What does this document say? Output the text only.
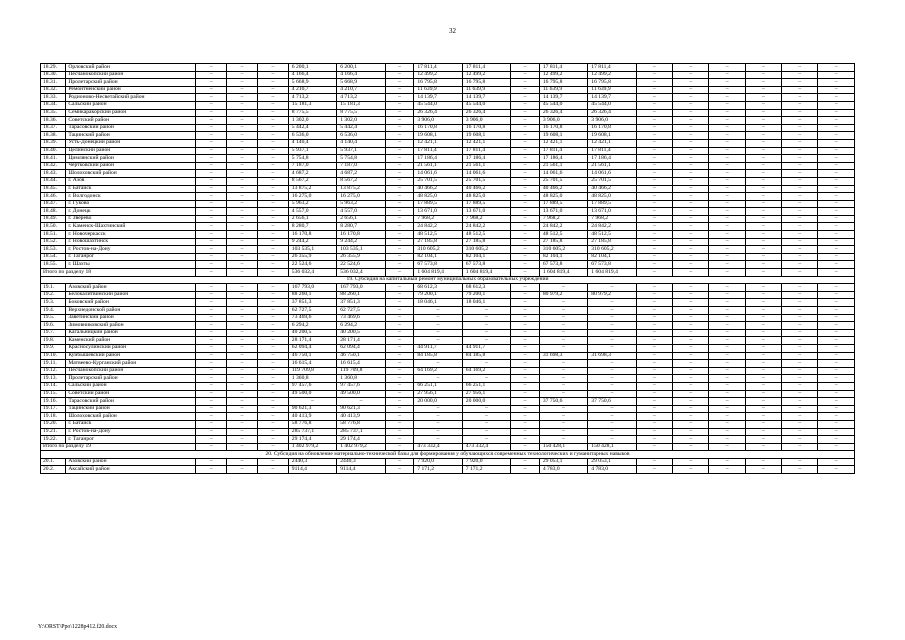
32
18.29.	Орловский район	–	–	–	6 200,1	6 200,1	–	17 811,4	17 811,4	–	17 811,4	17 811,4	–	–	–	–	–	–
18.30.	Песчанокопский район	–	–	–	4 166,4	4 166,4	–	12 499,2	12 499,2	–	12 499,2	12 499,2	–	–	–	–	–	–
18.31.	Пролетарский район	–	–	–	5 668,9	5 668,9	–	16 795,8	16 795,8	–	16 795,8	16 795,8	–	–	–	–	–	–
18.32.	Ремонтненский район	–	–	–	4 210,7	4 210,7	–	11 639,9	11 639,9	–	11 639,9	11 639,9	–	–	–	–	–	–
18.33.	Родионово-Несветайский район	–	–	–	4 713,2	4 713,2	–	14 139,7	14 139,7	–	14 139,7	14 139,7	–	–	–	–	–	–
18.34.	Сальский район	–	–	–	15 181,3	15 181,3	–	45 544,0	45 544,0	–	45 544,0	45 544,0	–	–	–	–	–	–
18.35.	Семикаракорский район	–	–	–	8 775,5	8 775,5	–	26 326,4	26 326,4	–	26 326,4	26 326,4	–	–	–	–	–	–
18.36.	Советский район	–	–	–	1 302,0	1 302,0	–	3 906,0	3 906,0	–	3 906,0	3 906,0	–	–	–	–	–	–
18.37.	Тарасовский район	–	–	–	5 442,4	5 442,4	–	16 170,8	16 170,8	–	16 170,8	16 170,8	–	–	–	–	–	–
18.38.	Тацинский район	–	–	–	6 536,0	6 536,0	–	19 608,1	19 608,1	–	19 608,1	19 608,1	–	–	–	–	–	–
18.39.	Усть-Донецкий район	–	–	–	4 140,4	4 140,4	–	12 421,1	12 421,1	–	12 421,1	12 421,1	–	–	–	–	–	–
18.40.	Целинский район	–	–	–	5 937,1	5 937,1	–	17 811,4	17 811,4	–	17 811,4	17 811,4	–	–	–	–	–	–
18.41.	Цимлянский район	–	–	–	5 754,8	5 754,8	–	17 186,4	17 186,4	–	17 186,4	17 186,4	–	–	–	–	–	–
18.42.	Чертковский район	–	–	–	7 187,0	7 187,0	–	21 561,1	21 561,1	–	21 561,1	21 561,1	–	–	–	–	–	–
18.43.	Шолоховский район	–	–	–	4 687,2	4 687,2	–	14 061,6	14 061,6	–	14 061,6	14 061,6	–	–	–	–	–	–
18.44.	г. Азов	–	–	–	8 567,2	8 567,2	–	25 701,5	25 701,5	–	25 701,5	25 701,5	–	–	–	–	–	–
18.45.	г. Батайск	–	–	–	13 875,2	13 875,2	–	40 466,2	40 466,2	–	40 466,2	40 466,2	–	–	–	–	–	–
18.46.	г. Волгодонск	–	–	–	16 275,0	16 275,0	–	48 825,0	48 825,0	–	48 825,0	48 825,0	–	–	–	–	–	–
18.47.	г. Гуково	–	–	–	5 963,2	5 963,2	–	17 889,5	17 889,5	–	17 889,5	17 889,5	–	–	–	–	–	–
18.48.	г. Донецк	–	–	–	4 557,0	4 557,0	–	13 671,0	13 671,0	–	13 671,0	13 671,0	–	–	–	–	–	–
18.49.	г. Зверево	–	–	–	2 656,1	2 656,1	–	7 968,2	7 968,2	–	7 968,2	7 968,2	–	–	–	–	–	–
18.50.	г. Каменск-Шахтинский	–	–	–	8 280,7	8 280,7	–	24 842,2	24 842,2	–	24 842,2	24 842,2	–	–	–	–	–	–
18.51.	г. Новочеркасск	–	–	–	16 170,8	16 170,8	–	48 512,5	48 512,5	–	48 512,5	48 512,5	–	–	–	–	–	–
18.52.	г. Новошахтинск	–	–	–	9 244,2	9 244,2	–	27 185,8	27 185,8	–	27 185,8	27 185,8	–	–	–	–	–	–
18.53.	г. Ростов-на-Дону	–	–	–	103 535,1	103 535,1	–	310 605,2	310 605,2	–	310 605,2	310 605,2	–	–	–	–	–	–
18.54.	г. Таганрог	–	–	–	26 355,9	26 355,9	–	82 104,1	82 104,1	–	82 104,1	82 104,1	–	–	–	–	–	–
18.55.	г. Шахты	–	–	–	22 524,6	22 524,6	–	67 573,8	67 573,8	–	67 573,8	67 573,8	–	–	–	–	–	–
Итого по разделу 18		–	–	–	536 032,4	536 032,4	–	1 604 819,4	1 604 819,4	–	1 604 819,4	1 604 819,4	–	–	–	–	–	–
19. Субсидия на капитальный ремонт муниципальных образовательных учреждений																		
19.1.	Азовский район	–	–	–	167 793,0	167 793,0	–	68 612,3	68 612,3	–	–	–	–	–	–	–	–	–
19.2.	Белокалитвинский район	–	–	–	88 260,1	88 260,1	–	79 200,1	79 200,1	–	80 979,2	80 979,2	–	–	–	–	–	–
19.3.	Боковский район	–	–	–	37 851,3	37 851,3	–	18 046,1	18 046,1	–	–	–	–	–	–	–	–	–
19.4.	Верхнедонской район	–	–	–	62 727,5	62 727,5	–	–	–	–	–	–	–	–	–	–	–	–
19.5.	Заветинский район	–	–	–	73 469,6	73 469,6	–	–	–	–	–	–	–	–	–	–	–	–
19.6.	Зимовниковский район	–	–	–	6 294,2	6 294,2	–	–	–	–	–	–	–	–	–	–	–	–
19.7.	Кагальницкий район	–	–	–	40 200,5	40 200,5	–	–	–	–	–	–	–	–	–	–	–	–
19.8.	Каменский район	–	–	–	28 171,4	28 171,4	–	–	–	–	–	–	–	–	–	–	–	–
19.9.	Красносулинский район	–	–	–	62 094,4	62 094,4	–	44 911,7	44 911,7	–	–	–	–	–	–	–	–	–
19.10.	Куйбышевский район	–	–	–	46 750,1	46 750,1	–	84 185,8	84 185,8	–	31 698,3	31 698,3	–	–	–	–	–	–
19.11.	Матвеево-Курганский район	–	–	–	16 615,4	16 615,4	–	–	–	–	–	–	–	–	–	–	–	–
19.12.	Песчанокопский район	–	–	–	119 709,8	119 709,8	–	64 169,2	64 169,2	–	–	–	–	–	–	–	–	–
19.13.	Пролетарский район	–	–	–	1 360,8	1 360,8	–	–	–	–	–	–	–	–	–	–	–	–
19.14.	Сальский район	–	–	–	97 457,6	97 457,6	–	66 251,1	66 251,1	–	–	–	–	–	–	–	–	–
19.15.	Советский район	–	–	–	49 500,0	49 500,0	–	27 956,1	27 956,1	–	–	–	–	–	–	–	–	–
19.16.	Тарасовский район	–	–	–	–	–	–	20 000,0	20 000,0	–	37 750,6	37 750,6	–	–	–	–	–	–
19.17.	Тацинский район	–	–	–	90 621,3	90 621,3	–	–	–	–	–	–	–	–	–	–	–	–
19.18.	Шолоховский район	–	–	–	40 413,9	40 413,9	–	–	–	–	–	–	–	–	–	–	–	–
19.20.	г. Батайск	–	–	–	58 776,8	58 776,8	–	–	–	–	–	–	–	–	–	–	–	–
19.21.	г. Ростов-на-Дону	–	–	–	285 737,1	285 737,1	–	–	–	–	–	–	–	–	–	–	–	–
19.22.	г. Таганрог	–	–	–	29 174,4	29 174,4	–	–	–	–	–	–	–	–	–	–	–	–
Итого по разделу 19		–	–	–	1 402 979,2	1 402 979,2	–	473 332,4	473 332,4	–	150 428,1	150 428,1	–	–	–	–	–	–
20. Субсидия на обновление материально-технической базы для формирования у обучающихся современных технологических и гуманитарных навыков																		
20.1.	Азовский район	–	–	–	2440,3	2440,3	–	7 920,0	7 920,0	–	29 053,1	29 053,1	–	–	–	–	–	–
20.2.	Аксайский район	–	–	–	9114,4	9114,4	–	7 171,2	7 171,2	–	4 783,0	4 783,0	–	–	–	–	–	–
Y:\ORST\Ppo\1228p412.f20.docx
